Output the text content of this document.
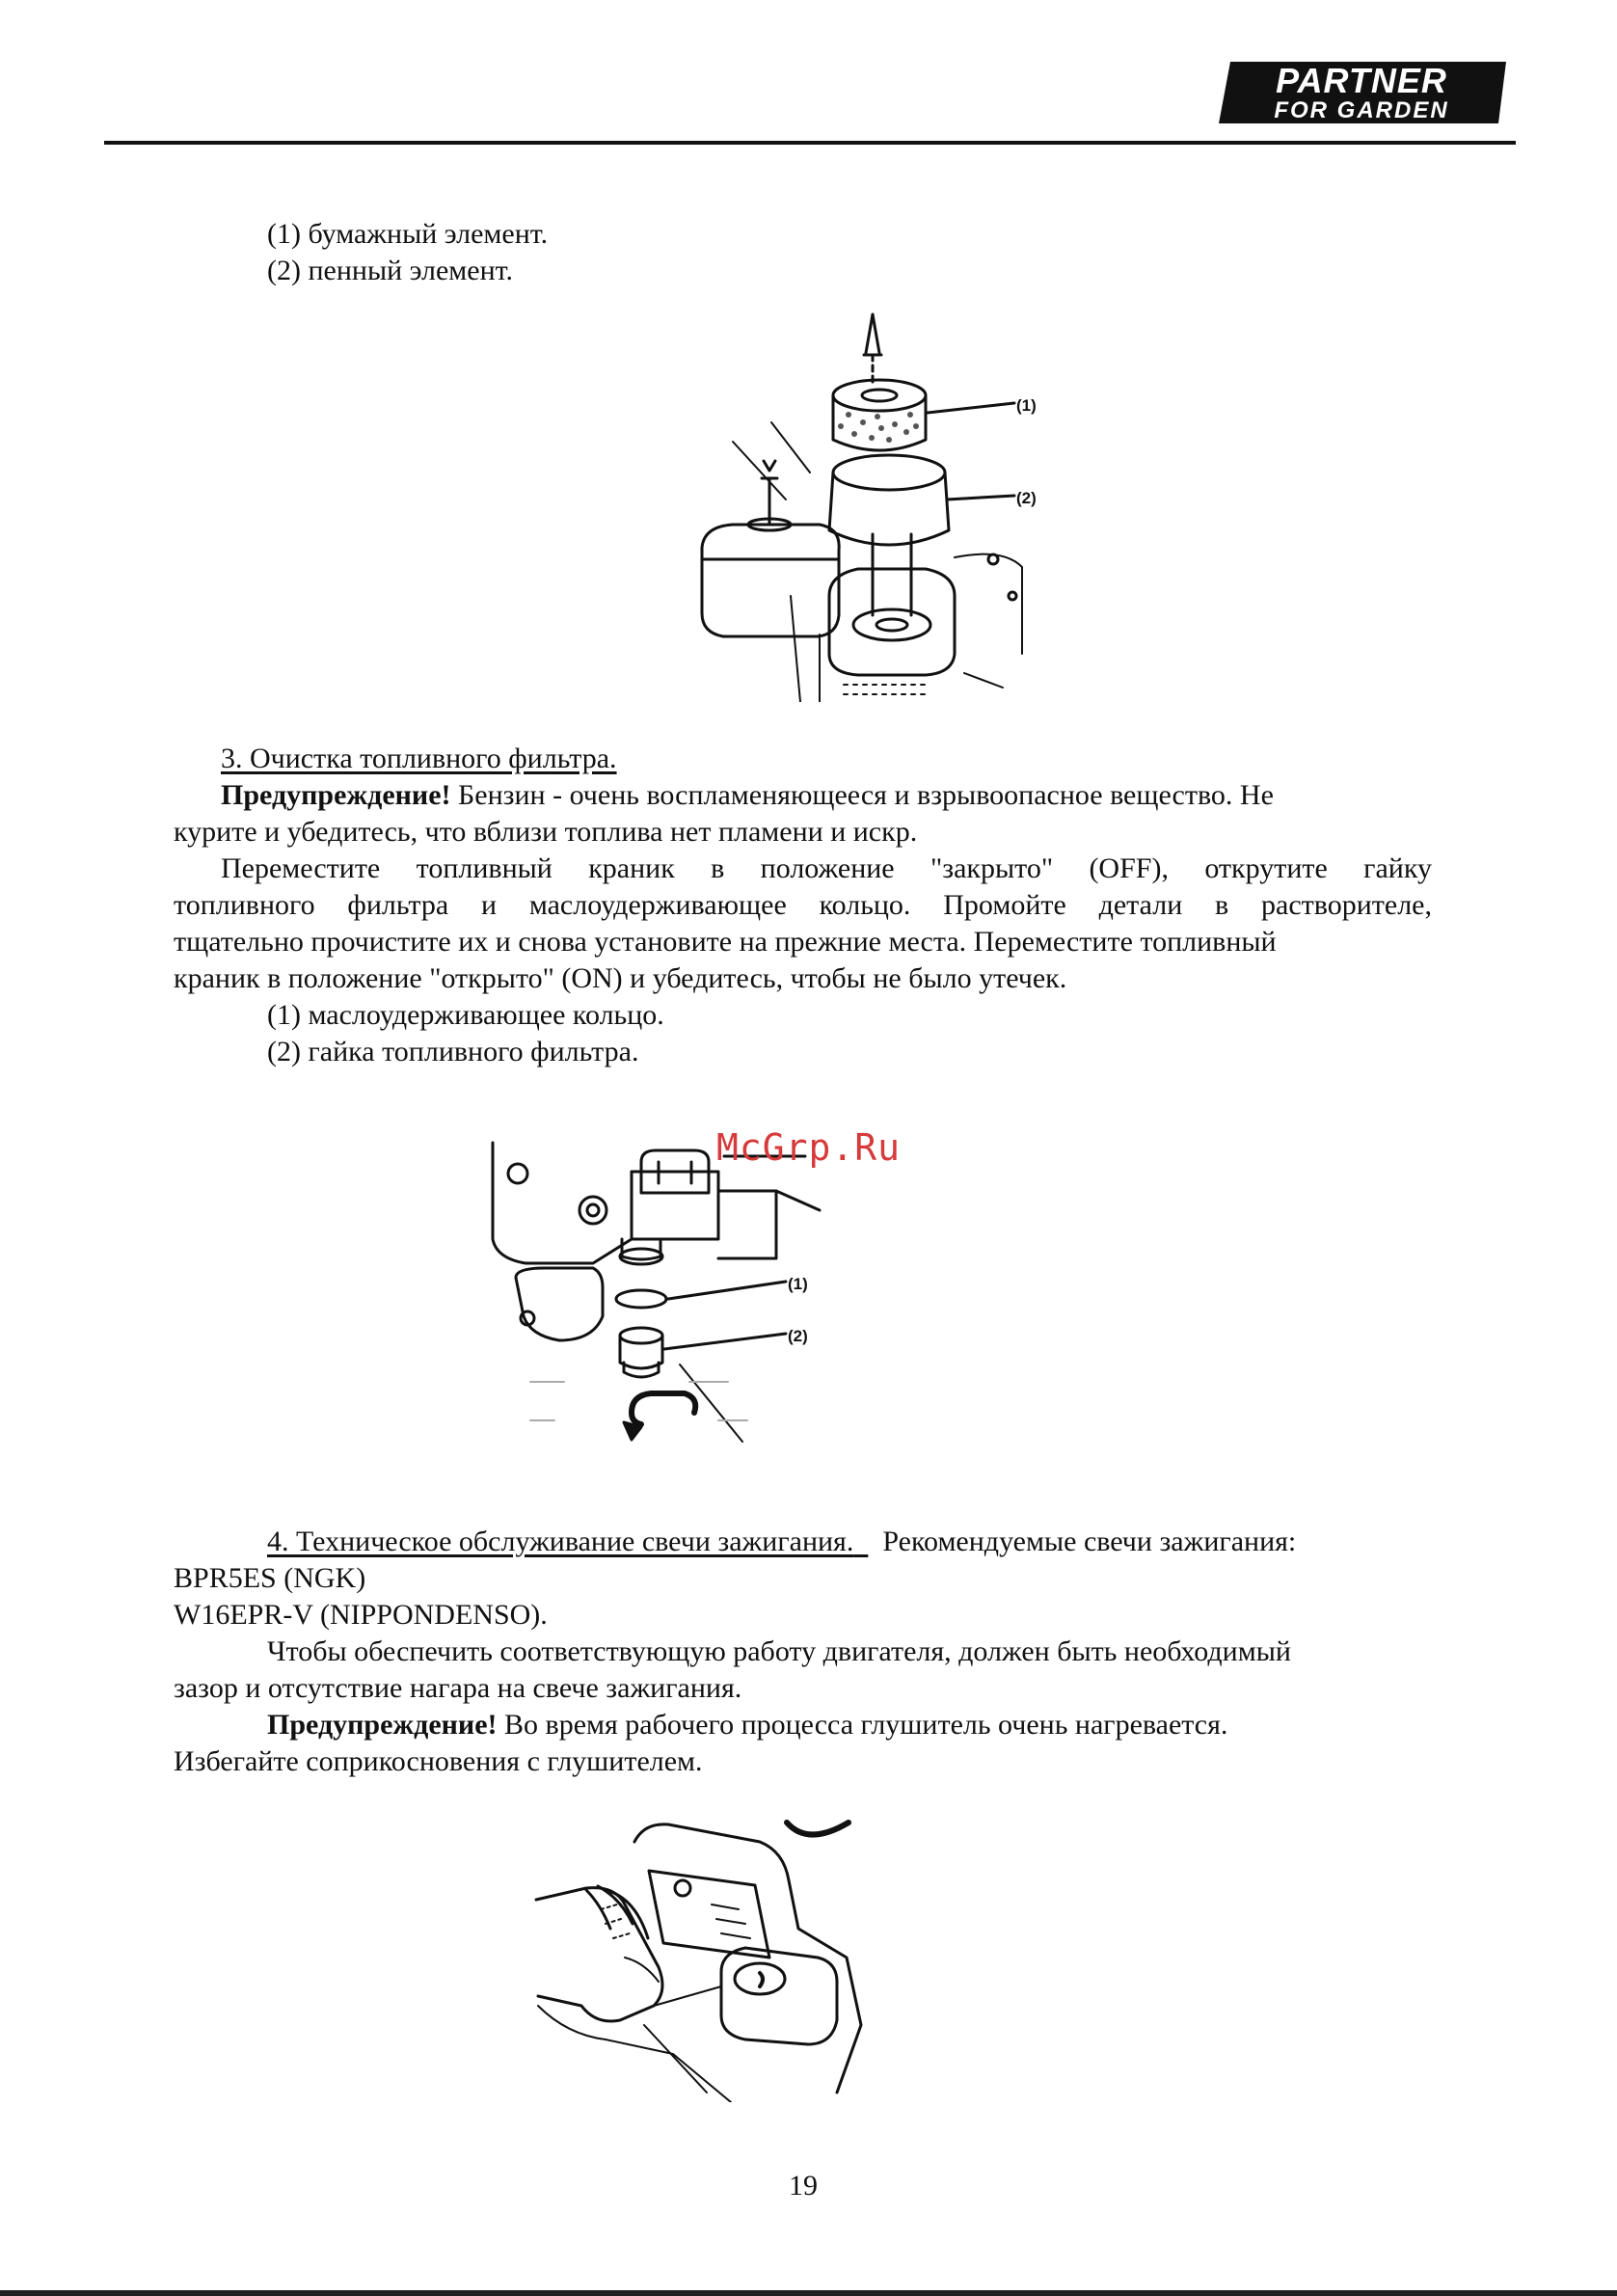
PARTNER
FOR GARDEN
(1) бумажный элемент.
(2) пенный элемент.
(1)
(2)
3. Очистка топливного фильтра.
Предупреждение! Бензин - очень воспламеняющееся и взрывоопасное вещество. Не
курите и убедитесь, что вблизи топлива нет пламени и искр.
Переместите топливный краник в положение "закрыто" (OFF), открутите гайку
топливного фильтра и маслоудерживающее кольцо. Промойте детали в растворителе,
тщательно прочистите их и снова установите на прежние места. Переместите топливный
краник в положение "открыто" (ON) и убедитесь, чтобы не было утечек.
(1) маслоудерживающее кольцо.
(2) гайка топливного фильтра.
(1)
(2)
McGrp.Ru
4. Техническое обслуживание свечи зажигания. Рекомендуемые свечи зажигания:
BPR5ES (NGK)
W16EPR-V (NIPPONDENSO).
Чтобы обеспечить соответствующую работу двигателя, должен быть необходимый
зазор и отсутствие нагара на свече зажигания.
Предупреждение! Во время рабочего процесса глушитель очень нагревается.
Избегайте соприкосновения с глушителем.
19
